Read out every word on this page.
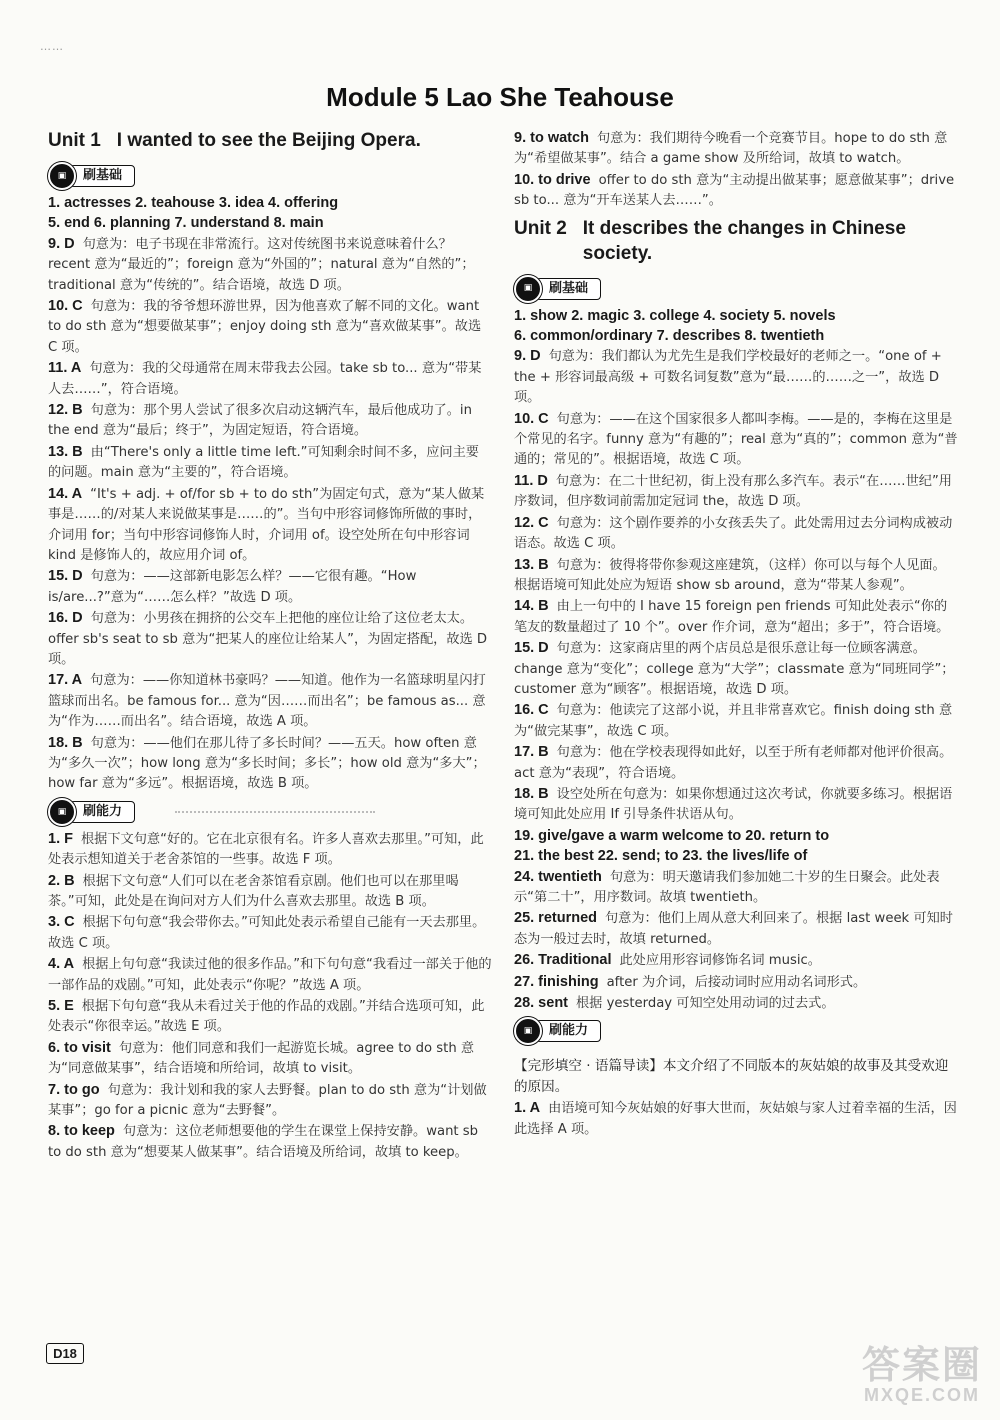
……
Module 5 Lao She Teahouse
Unit 1 I wanted to see the Beijing Opera.
▣	刷基础
1. actresses 2. teahouse 3. idea 4. offering
5. end 6. planning 7. understand 8. main
9. D 句意为：电子书现在非常流行。这对传统图书来说意味着什么？recent 意为“最近的”；foreign 意为“外国的”；natural 意为“自然的”；traditional 意为“传统的”。结合语境，故选 D 项。
10. C 句意为：我的爷爷想环游世界，因为他喜欢了解不同的文化。want to do sth 意为“想要做某事”；enjoy doing sth 意为“喜欢做某事”。故选 C 项。
11. A 句意为：我的父母通常在周末带我去公园。take sb to... 意为“带某人去……”，符合语境。
12. B 句意为：那个男人尝试了很多次启动这辆汽车，最后他成功了。in the end 意为“最后；终于”，为固定短语，符合语境。
13. B 由“There's only a little time left.”可知剩余时间不多，应问主要的问题。main 意为“主要的”，符合语境。
14. A “It's + adj. + of/for sb + to do sth”为固定句式，意为“某人做某事是……的/对某人来说做某事是……的”。当句中形容词修饰所做的事时，介词用 for；当句中形容词修饰人时，介词用 of。设空处所在句中形容词 kind 是修饰人的，故应用介词 of。
15. D 句意为：——这部新电影怎么样？——它很有趣。“How is/are...?”意为“……怎么样？”故选 D 项。
16. D 句意为：小男孩在拥挤的公交车上把他的座位让给了这位老太太。offer sb's seat to sb 意为“把某人的座位让给某人”，为固定搭配，故选 D 项。
17. A 句意为：——你知道林书豪吗？——知道。他作为一名篮球明星闪打篮球而出名。be famous for... 意为“因……而出名”；be famous as... 意为“作为……而出名”。结合语境，故选 A 项。
18. B 句意为：——他们在那儿待了多长时间？——五天。how often 意为“多久一次”；how long 意为“多长时间；多长”；how old 意为“多大”；how far 意为“多远”。根据语境，故选 B 项。
▣	刷能力
1. F 根据下文句意“好的。它在北京很有名。许多人喜欢去那里。”可知，此处表示想知道关于老舍茶馆的一些事。故选 F 项。
2. B 根据下文句意“人们可以在老舍茶馆看京剧。他们也可以在那里喝茶。”可知，此处是在询问对方人们为什么喜欢去那里。故选 B 项。
3. C 根据下句句意“我会带你去。”可知此处表示希望自己能有一天去那里。故选 C 项。
4. A 根据上句句意“我读过他的很多作品。”和下句句意“我看过一部关于他的一部作品的戏剧。”可知，此处表示“你呢？”故选 A 项。
5. E 根据下句句意“我从未看过关于他的作品的戏剧。”并结合选项可知，此处表示“你很幸运。”故选 E 项。
6. to visit 句意为：他们同意和我们一起游览长城。agree to do sth 意为“同意做某事”，结合语境和所给词，故填 to visit。
7. to go 句意为：我计划和我的家人去野餐。plan to do sth 意为“计划做某事”；go for a picnic 意为“去野餐”。
8. to keep 句意为：这位老师想要他的学生在课堂上保持安静。want sb to do sth 意为“想要某人做某事”。结合语境及所给词，故填 to keep。
9. to watch 句意为：我们期待今晚看一个竞赛节目。hope to do sth 意为“希望做某事”。结合 a game show 及所给词，故填 to watch。
10. to drive offer to do sth 意为“主动提出做某事；愿意做某事”；drive sb to... 意为“开车送某人去……”。
Unit 2 It describes the changes in Chinese society.
▣	刷基础
1. show 2. magic 3. college 4. society 5. novels
6. common/ordinary 7. describes 8. twentieth
9. D 句意为：我们都认为尤先生是我们学校最好的老师之一。“one of + the + 形容词最高级 + 可数名词复数”意为“最……的……之一”，故选 D 项。
10. C 句意为：——在这个国家很多人都叫李梅。——是的，李梅在这里是个常见的名字。funny 意为“有趣的”；real 意为“真的”；common 意为“普通的；常见的”。根据语境，故选 C 项。
11. D 句意为：在二十世纪初，街上没有那么多汽车。表示“在……世纪”用序数词，但序数词前需加定冠词 the，故选 D 项。
12. C 句意为：这个剧作要养的小女孩丢失了。此处需用过去分词构成被动语态。故选 C 项。
13. B 句意为：彼得将带你参观这座建筑，（这样）你可以与每个人见面。根据语境可知此处应为短语 show sb around，意为“带某人参观”。
14. B 由上一句中的 I have 15 foreign pen friends 可知此处表示“你的笔友的数量超过了 10 个”。over 作介词，意为“超出；多于”，符合语境。
15. D 句意为：这家商店里的两个店员总是很乐意让每一位顾客满意。change 意为“变化”；college 意为“大学”；classmate 意为“同班同学”；customer 意为“顾客”。根据语境，故选 D 项。
16. C 句意为：他读完了这部小说，并且非常喜欢它。finish doing sth 意为“做完某事”，故选 C 项。
17. B 句意为：他在学校表现得如此好，以至于所有老师都对他评价很高。act 意为“表现”，符合语境。
18. B 设空处所在句意为：如果你想通过这次考试，你就要多练习。根据语境可知此处应用 If 引导条件状语从句。
19. give/gave a warm welcome to 20. return to
21. the best 22. send; to 23. the lives/life of
24. twentieth 句意为：明天邀请我们参加她二十岁的生日聚会。此处表示“第二十”，用序数词。故填 twentieth。
25. returned 句意为：他们上周从意大利回来了。根据 last week 可知时态为一般过去时，故填 returned。
26. Traditional 此处应用形容词修饰名词 music。
27. finishing after 为介词，后接动词时应用动名词形式。
28. sent 根据 yesterday 可知空处用动词的过去式。
▣	刷能力
【完形填空 · 语篇导读】本文介绍了不同版本的灰姑娘的故事及其受欢迎的原因。
1. A 由语境可知今灰姑娘的好事大世而，灰姑娘与家人过着幸福的生活，因此选择 A 项。
D18	答案圈
MXQE.COM
